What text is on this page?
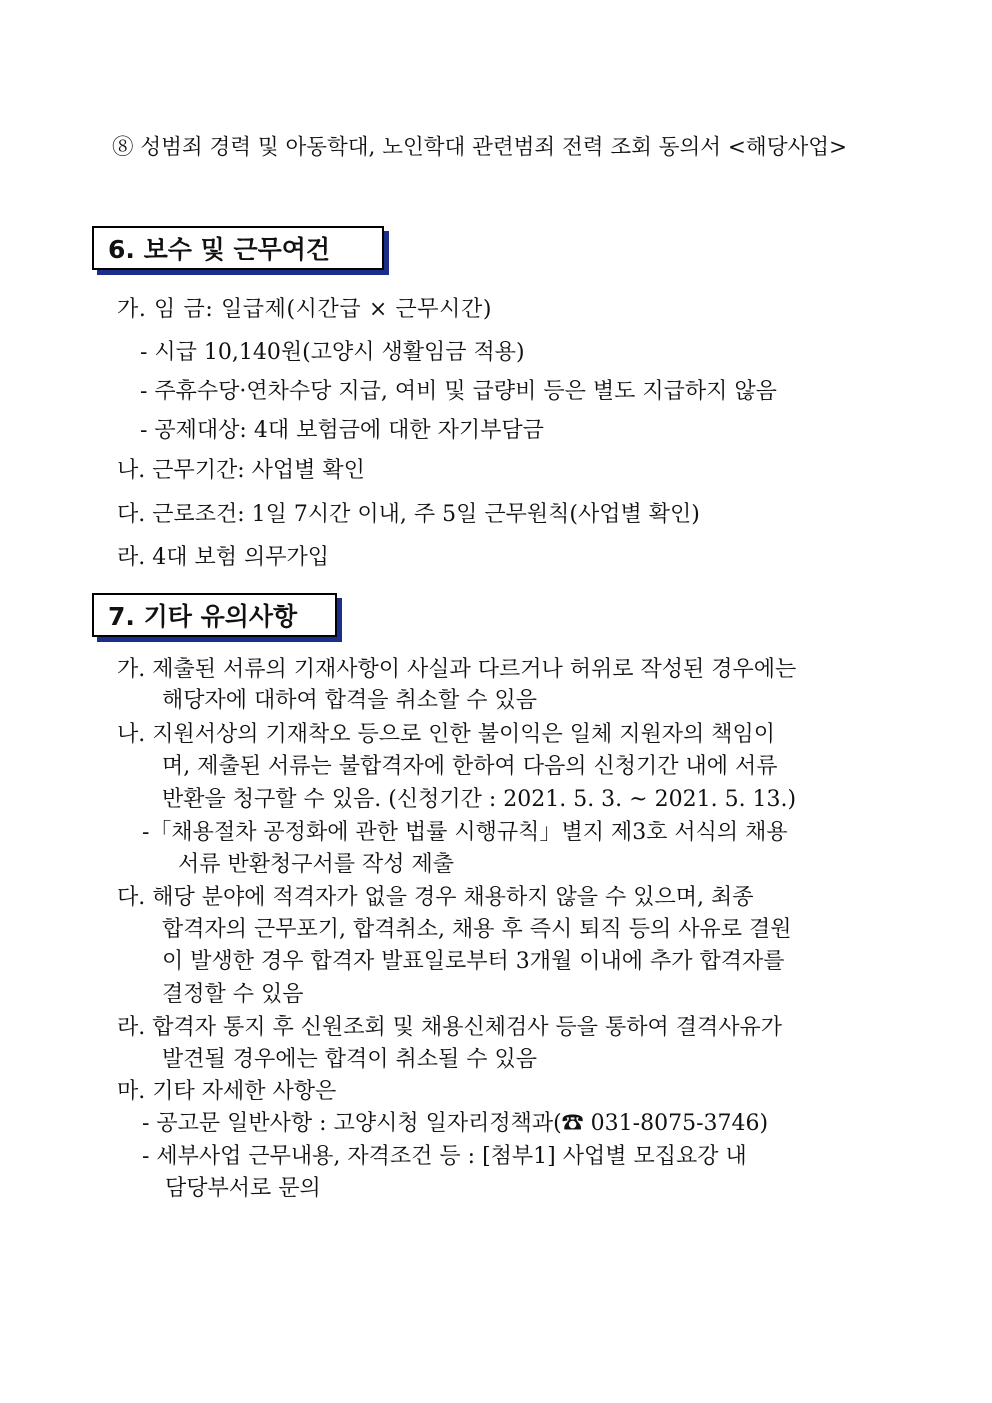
⑧ 성범죄 경력 및 아동학대, 노인학대 관련범죄 전력 조회 동의서 <해당사업>
6. 보수 및 근무여건
가. 임 금: 일급제(시간급 × 근무시간)
- 시급 10,140원(고양시 생활임금 적용)
- 주휴수당·연차수당 지급, 여비 및 급량비 등은 별도 지급하지 않음
- 공제대상: 4대 보험금에 대한 자기부담금
나. 근무기간: 사업별 확인
다. 근로조건: 1일 7시간 이내, 주 5일 근무원칙(사업별 확인)
라. 4대 보험 의무가입
7. 기타 유의사항
가. 제출된 서류의 기재사항이 사실과 다르거나 허위로 작성된 경우에는
해당자에 대하여 합격을 취소할 수 있음
나. 지원서상의 기재착오 등으로 인한 불이익은 일체 지원자의 책임이
며, 제출된 서류는 불합격자에 한하여 다음의 신청기간 내에 서류
반환을 청구할 수 있음. (신청기간 : 2021. 5. 3. ~ 2021. 5. 13.)
-「채용절차 공정화에 관한 법률 시행규칙」별지 제3호 서식의 채용
서류 반환청구서를 작성 제출
다. 해당 분야에 적격자가 없을 경우 채용하지 않을 수 있으며, 최종
합격자의 근무포기, 합격취소, 채용 후 즉시 퇴직 등의 사유로 결원
이 발생한 경우 합격자 발표일로부터 3개월 이내에 추가 합격자를
결정할 수 있음
라. 합격자 통지 후 신원조회 및 채용신체검사 등을 통하여 결격사유가
발견될 경우에는 합격이 취소될 수 있음
마. 기타 자세한 사항은
- 공고문 일반사항 : 고양시청 일자리정책과(☎ 031-8075-3746)
- 세부사업 근무내용, 자격조건 등 : [첨부1] 사업별 모집요강 내
담당부서로 문의
